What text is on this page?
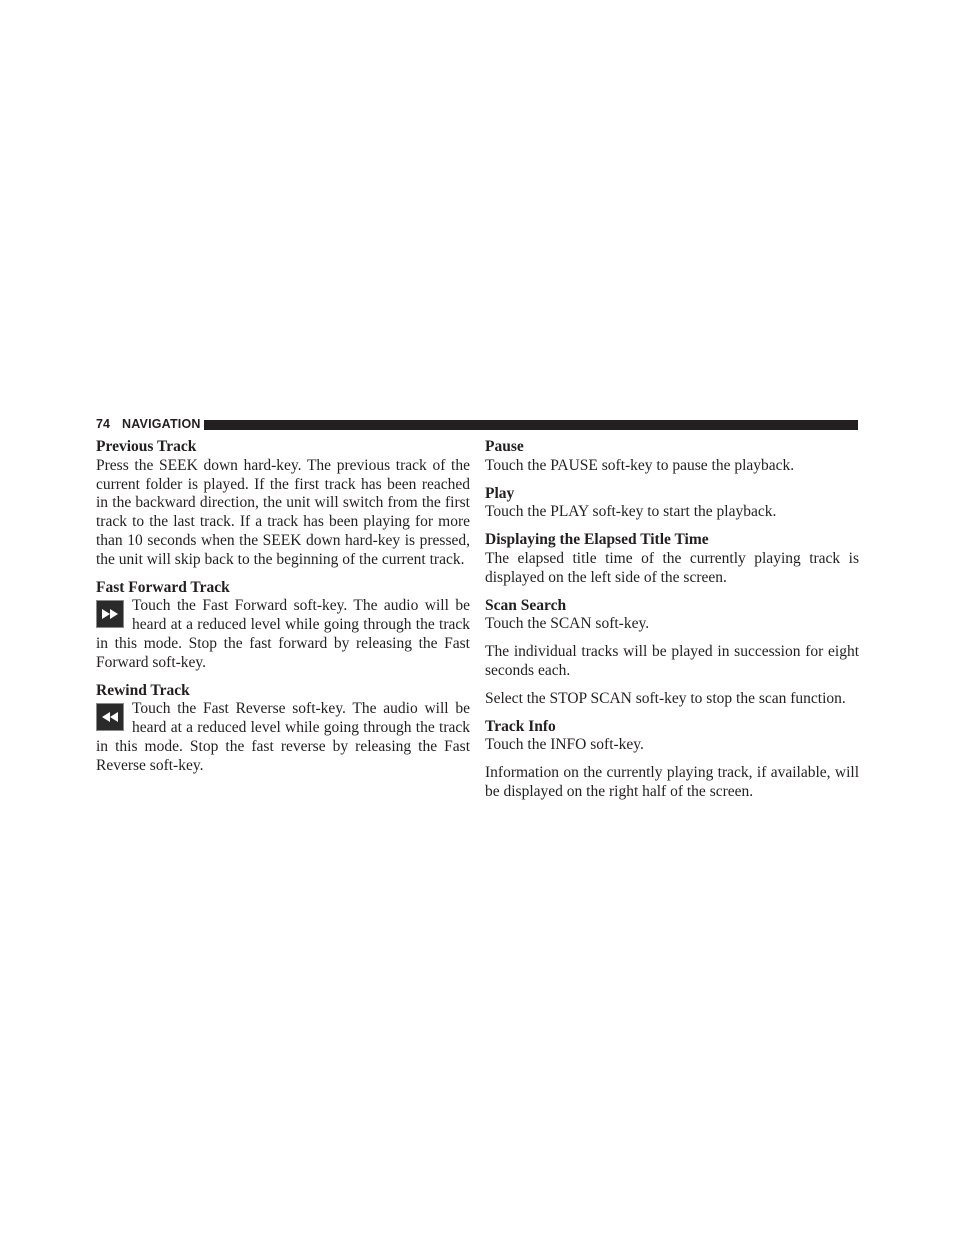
74 NAVIGATION

Previous Track

Press the SEEK down hard-key. The previous track of the current folder is played. If the first track has been reached in the backward direction, the unit will switch from the first track to the last track. If a track has been playing for more than 10 seconds when the SEEK down hard-key is pressed, the unit will skip back to the beginning of the current track.

Fast Forward Track

Touch the Fast Forward soft-key. The audio will be heard at a reduced level while going through the track in this mode. Stop the fast forward by releasing the Fast Forward soft-key.

Rewind Track

Touch the Fast Reverse soft-key. The audio will be heard at a reduced level while going through the track in this mode. Stop the fast reverse by releasing the Fast Reverse soft-key.

Pause

Touch the PAUSE soft-key to pause the playback.

Play

Touch the PLAY soft-key to start the playback.

Displaying the Elapsed Title Time

The elapsed title time of the currently playing track is displayed on the left side of the screen.

Scan Search

Touch the SCAN soft-key.

The individual tracks will be played in succession for eight seconds each.

Select the STOP SCAN soft-key to stop the scan function.

Track Info

Touch the INFO soft-key.

Information on the currently playing track, if available, will be displayed on the right half of the screen.
